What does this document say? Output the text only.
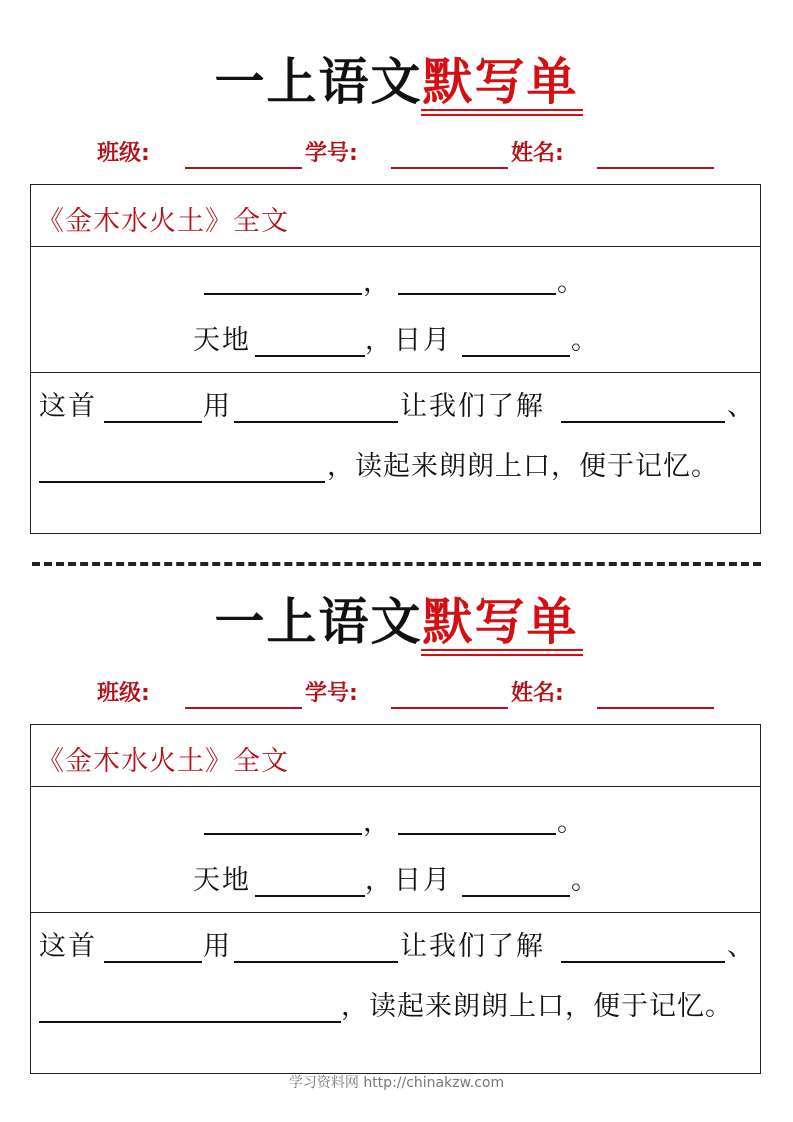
一上语文默写单
班级:	学号:	姓名:
《金木水火土》全文
，	。
天地	，日月	。
这首	用	让我们了解	、
，读起来朗朗上口，便于记忆。
一上语文默写单
班级:	学号:	姓名:
《金木水火土》全文
，	。
天地	，日月	。
这首	用	让我们了解	、
，读起来朗朗上口，便于记忆。
学习资料网 http://chinakzw.com
